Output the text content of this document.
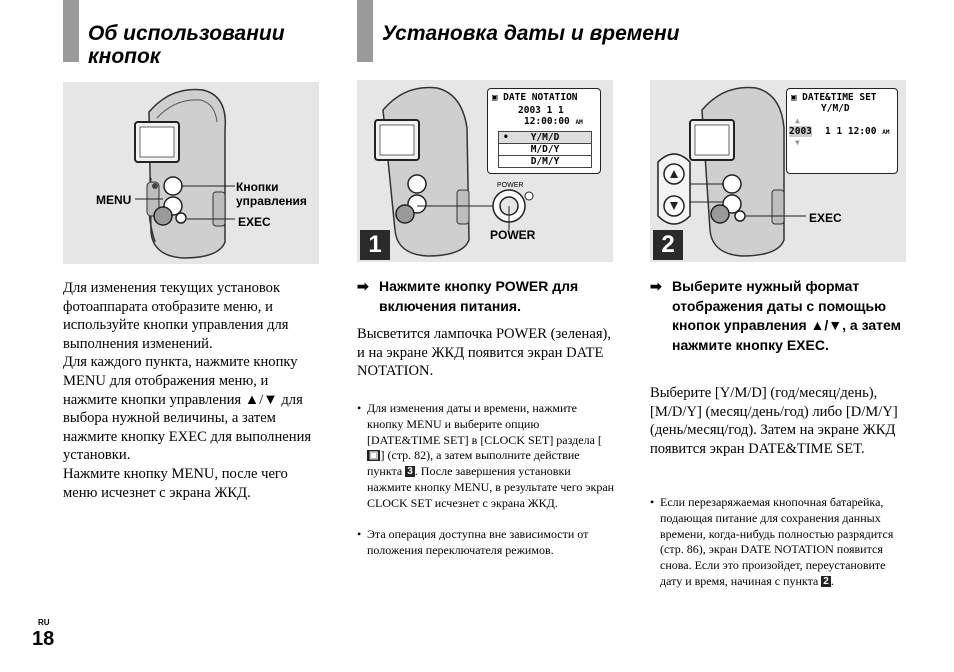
Об использовании
кнопок
MENU
Кнопки
управления
EXEC
Для изменения текущих установок фотоаппарата отобразите меню, и используйте кнопки управления для выполнения изменений.
Для каждого пункта, нажмите кнопку MENU для отображения меню, и нажмите кнопки управления ▲/▼ для выбора нужной величины, а затем нажмите кнопку EXEC для выполнения установки.
Нажмите кнопку MENU, после чего меню исчезнет с экрана ЖКД.
Установка даты и времени
POWER
POWER
1
▣ DATE NOTATION
2003 1 1
12:00:00 AM
• Y/M/D
M/D/Y
D/M/Y
➡ Нажмите кнопку POWER для включения питания.
Высветится лампочка POWER (зеленая), и на экране ЖКД появится экран DATE NOTATION.
• Для изменения даты и времени, нажмите кнопку MENU и выберите опцию [DATE&TIME SET] в [CLOCK SET] раздела [▣ ] (стр. 82), а затем выполните действие пункта 3 . После завершения установки нажмите кнопку MENU, в результате чего экран CLOCK SET исчезнет с экрана ЖКД.
• Эта операция доступна вне зависимости от положения переключателя режимов.
EXEC
2
▣ DATE&TIME SET
Y/M/D
▲
2003 1 1 12:00 AM
▼
➡ Выберите нужный формат отображения даты с помощью кнопок управления ▲/▼, а затем нажмите кнопку EXEC.
Выберите [Y/M/D] (год/месяц/день), [M/D/Y] (месяц/день/год) либо [D/M/Y] (день/месяц/год). Затем на экране ЖКД появится экран DATE&TIME SET.
• Если перезаряжаемая кнопочная батарейка, подающая питание для сохранения данных времени, когда-нибудь полностью разрядится (стр. 86), экран DATE NOTATION появится снова. Если это произойдет, переустановите дату и время, начиная с пункта 2 .
RU
18
